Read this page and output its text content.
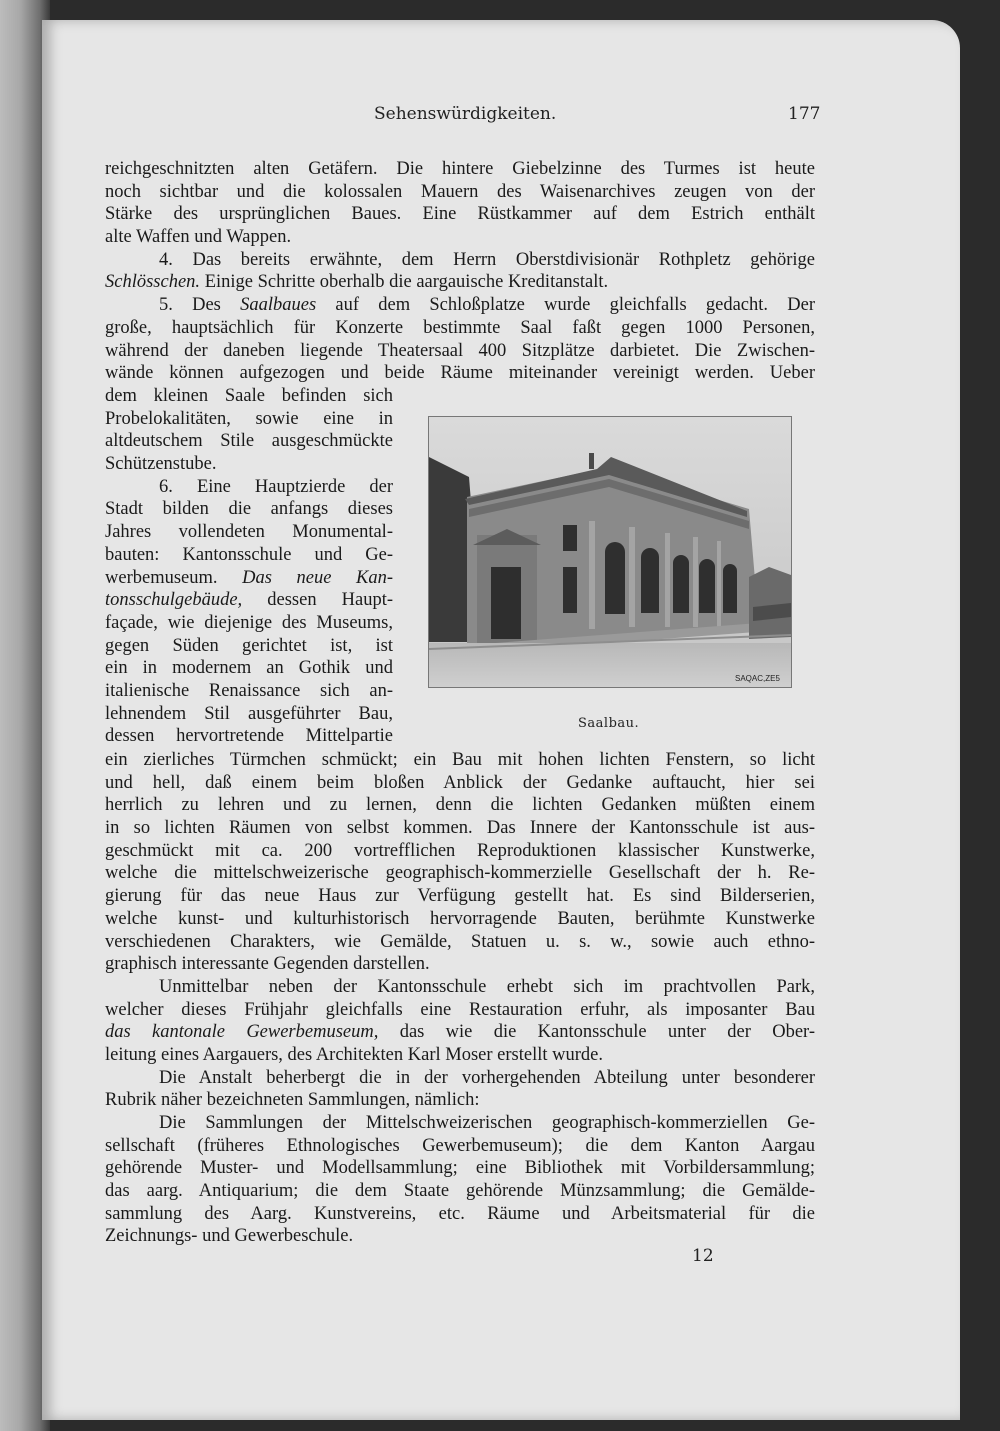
Sehenswürdigkeiten.	177
reichgeschnitzten alten Getäfern. Die hintere Giebelzinne des Turmes ist heute
noch sichtbar und die kolossalen Mauern des Waisenarchives zeugen von der
Stärke des ursprünglichen Baues. Eine Rüstkammer auf dem Estrich enthält
alte Waffen und Wappen.
4. Das bereits erwähnte, dem Herrn Oberstdivisionär Rothpletz gehörige
Schlösschen. Einige Schritte oberhalb die aargauische Kreditanstalt.
5. Des Saalbaues auf dem Schloßplatze wurde gleichfalls gedacht. Der
große, hauptsächlich für Konzerte bestimmte Saal faßt gegen 1000 Personen,
während der daneben liegende Theatersaal 400 Sitzplätze darbietet. Die Zwischen-
wände können aufgezogen und beide Räume miteinander vereinigt werden. Ueber
dem kleinen Saale befinden sich
Probelokalitäten, sowie eine in
altdeutschem Stile ausgeschmückte
Schützenstube.
6. Eine Hauptzierde der
Stadt bilden die anfangs dieses
Jahres vollendeten Monumental-
bauten: Kantonsschule und Ge-
werbemuseum. Das neue Kan-
tonsschulgebäude, dessen Haupt-
façade, wie diejenige des Museums,
gegen Süden gerichtet ist, ist
ein in modernem an Gothik und
italienische Renaissance sich an-
lehnendem Stil ausgeführter Bau,
dessen hervortretende Mittelpartie
SAQAC,ZE5
Saalbau.
ein zierliches Türmchen schmückt; ein Bau mit hohen lichten Fenstern, so licht
und hell, daß einem beim bloßen Anblick der Gedanke auftaucht, hier sei
herrlich zu lehren und zu lernen, denn die lichten Gedanken müßten einem
in so lichten Räumen von selbst kommen. Das Innere der Kantonsschule ist aus-
geschmückt mit ca. 200 vortrefflichen Reproduktionen klassischer Kunstwerke,
welche die mittelschweizerische geographisch-kommerzielle Gesellschaft der h. Re-
gierung für das neue Haus zur Verfügung gestellt hat. Es sind Bilderserien,
welche kunst- und kulturhistorisch hervorragende Bauten, berühmte Kunstwerke
verschiedenen Charakters, wie Gemälde, Statuen u. s. w., sowie auch ethno-
graphisch interessante Gegenden darstellen.
Unmittelbar neben der Kantonsschule erhebt sich im prachtvollen Park,
welcher dieses Frühjahr gleichfalls eine Restauration erfuhr, als imposanter Bau
das kantonale Gewerbemuseum, das wie die Kantonsschule unter der Ober-
leitung eines Aargauers, des Architekten Karl Moser erstellt wurde.
Die Anstalt beherbergt die in der vorhergehenden Abteilung unter besonderer
Rubrik näher bezeichneten Sammlungen, nämlich:
Die Sammlungen der Mittelschweizerischen geographisch-kommerziellen Ge-
sellschaft (früheres Ethnologisches Gewerbemuseum); die dem Kanton Aargau
gehörende Muster- und Modellsammlung; eine Bibliothek mit Vorbildersammlung;
das aarg. Antiquarium; die dem Staate gehörende Münzsammlung; die Gemälde-
sammlung des Aarg. Kunstvereins, etc. Räume und Arbeitsmaterial für die
Zeichnungs- und Gewerbeschule.
12
